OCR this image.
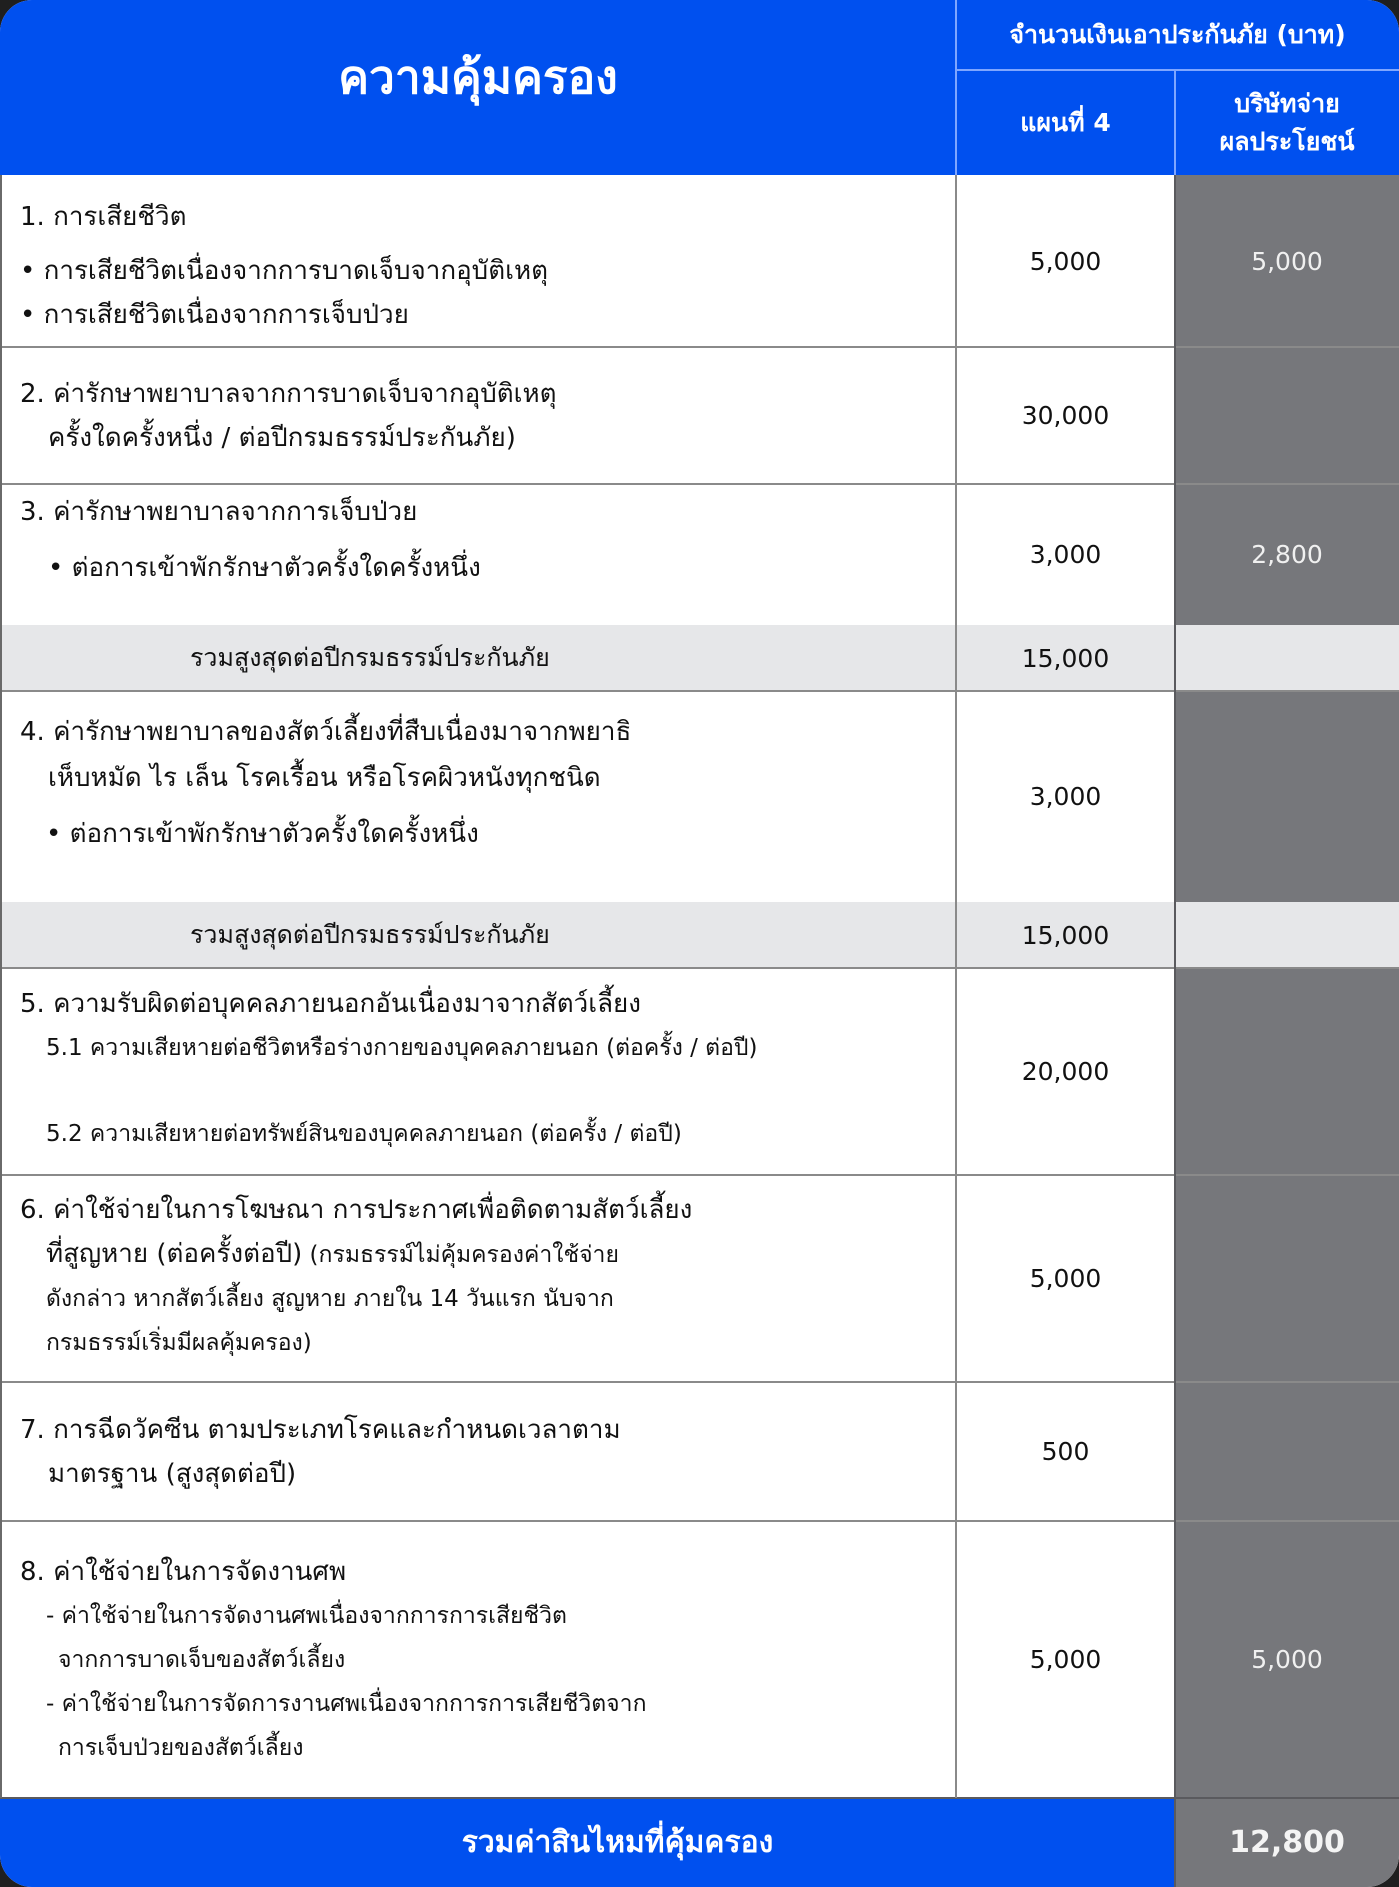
ความคุ้มครอง
จำนวนเงินเอาประกันภัย (บาท)
แผนที่ 4
บริษัทจ่าย
ผลประโยชน์
1. การเสียชีวิต
• การเสียชีวิตเนื่องจากการบาดเจ็บจากอุบัติเหตุ
• การเสียชีวิตเนื่องจากการเจ็บป่วย
5,000	5,000
2. ค่ารักษาพยาบาลจากการบาดเจ็บจากอุบัติเหตุ
ครั้งใดครั้งหนึ่ง / ต่อปีกรมธรรม์ประกันภัย)
30,000
3. ค่ารักษาพยาบาลจากการเจ็บป่วย
• ต่อการเข้าพักรักษาตัวครั้งใดครั้งหนึ่ง	3,000	2,800
รวมสูงสุดต่อปีกรมธรรม์ประกันภัย	15,000
4. ค่ารักษาพยาบาลของสัตว์เลี้ยงที่สืบเนื่องมาจากพยาธิ
เห็บหมัด ไร เล็น โรคเรื้อน หรือโรคผิวหนังทุกชนิด
• ต่อการเข้าพักรักษาตัวครั้งใดครั้งหนึ่ง
3,000
รวมสูงสุดต่อปีกรมธรรม์ประกันภัย	15,000
5. ความรับผิดต่อบุคคลภายนอกอันเนื่องมาจากสัตว์เลี้ยง
5.1 ความเสียหายต่อชีวิตหรือร่างกายของบุคคลภายนอก (ต่อครั้ง / ต่อปี)
5.2 ความเสียหายต่อทรัพย์สินของบุคคลภายนอก (ต่อครั้ง / ต่อปี)
20,000
6. ค่าใช้จ่ายในการโฆษณา การประกาศเพื่อติดตามสัตว์เลี้ยง
ที่สูญหาย (ต่อครั้งต่อปี) (กรมธรรม์ไม่คุ้มครองค่าใช้จ่าย
ดังกล่าว หากสัตว์เลี้ยง สูญหาย ภายใน 14 วันแรก นับจาก
กรมธรรม์เริ่มมีผลคุ้มครอง)
5,000
7. การฉีดวัคซีน ตามประเภทโรคและกำหนดเวลาตาม
มาตรฐาน (สูงสุดต่อปี)
500
8. ค่าใช้จ่ายในการจัดงานศพ
- ค่าใช้จ่ายในการจัดงานศพเนื่องจากการการเสียชีวิต
จากการบาดเจ็บของสัตว์เลี้ยง
- ค่าใช้จ่ายในการจัดการงานศพเนื่องจากการการเสียชีวิตจาก
การเจ็บป่วยของสัตว์เลี้ยง
5,000	5,000
รวมค่าสินไหมที่คุ้มครอง	12,800
